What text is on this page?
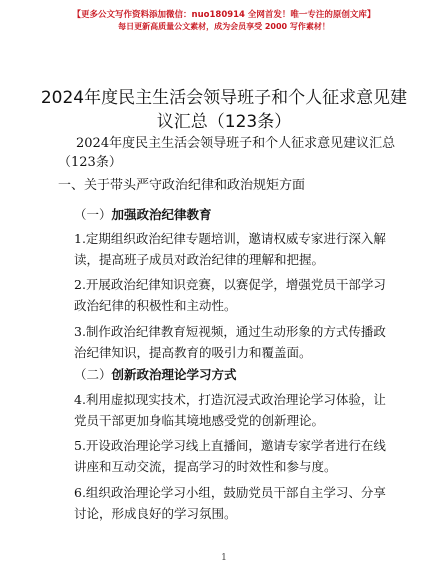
【更多公文写作资料添加微信：nuo180914 全网首发！唯一专注的原创文库】
每日更新高质量公文素材，成为会员享受 2000 写作素材！
2024年度民主生活会领导班子和个人征求意见建议汇总（123条）
2024年度民主生活会领导班子和个人征求意见建议汇总（123条）
一、关于带头严守政治纪律和政治规矩方面
（一）加强政治纪律教育
1.定期组织政治纪律专题培训，邀请权威专家进行深入解读，提高班子成员对政治纪律的理解和把握。
2.开展政治纪律知识竞赛，以赛促学，增强党员干部学习政治纪律的积极性和主动性。
3.制作政治纪律教育短视频，通过生动形象的方式传播政治纪律知识，提高教育的吸引力和覆盖面。
（二）创新政治理论学习方式
4.利用虚拟现实技术，打造沉浸式政治理论学习体验，让党员干部更加身临其境地感受党的创新理论。
5.开设政治理论学习线上直播间，邀请专家学者进行在线讲座和互动交流，提高学习的时效性和参与度。
6.组织政治理论学习小组，鼓励党员干部自主学习、分享讨论，形成良好的学习氛围。
1
